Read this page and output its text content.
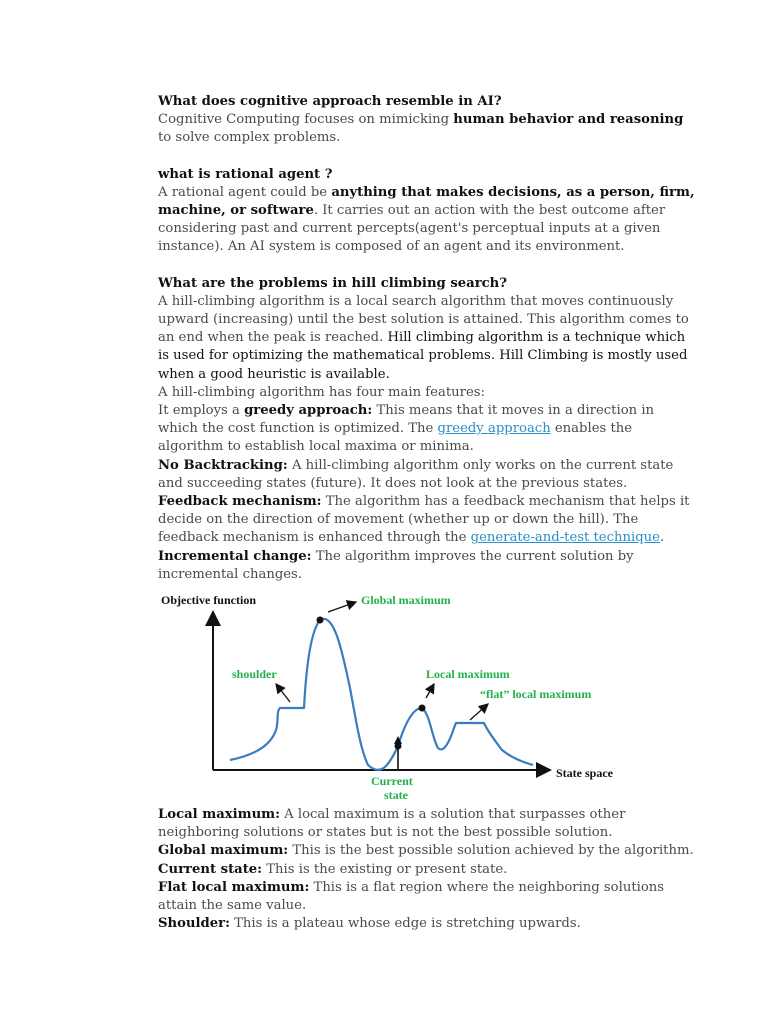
What does cognitive approach resemble in AI?

Cognitive Computing focuses on mimicking human behavior and reasoning to solve complex problems.

what is rational agent ?

A rational agent could be anything that makes decisions, as a person, firm, machine, or software. It carries out an action with the best outcome after considering past and current percepts(agent's perceptual inputs at a given instance). An AI system is composed of an agent and its environment.

What are the problems in hill climbing search?

A hill-climbing algorithm is a local search algorithm that moves continuously upward (increasing) until the best solution is attained. This algorithm comes to an end when the peak is reached. Hill climbing algorithm is a technique which is used for optimizing the mathematical problems. Hill Climbing is mostly used when a good heuristic is available.

A hill-climbing algorithm has four main features:

It employs a greedy approach: This means that it moves in a direction in which the cost function is optimized. The greedy approach enables the algorithm to establish local maxima or minima.

No Backtracking: A hill-climbing algorithm only works on the current state and succeeding states (future). It does not look at the previous states.

Feedback mechanism: The algorithm has a feedback mechanism that helps it decide on the direction of movement (whether up or down the hill). The feedback mechanism is enhanced through the generate-and-test technique.

Incremental change: The algorithm improves the current solution by incremental changes.

Objective function
State space
Global maximum
Local maximum
“flat” local maximum
shoulder
Current
state

Local maximum: A local maximum is a solution that surpasses other neighboring solutions or states but is not the best possible solution.

Global maximum: This is the best possible solution achieved by the algorithm.

Current state: This is the existing or present state.

Flat local maximum: This is a flat region where the neighboring solutions attain the same value.

Shoulder: This is a plateau whose edge is stretching upwards.
